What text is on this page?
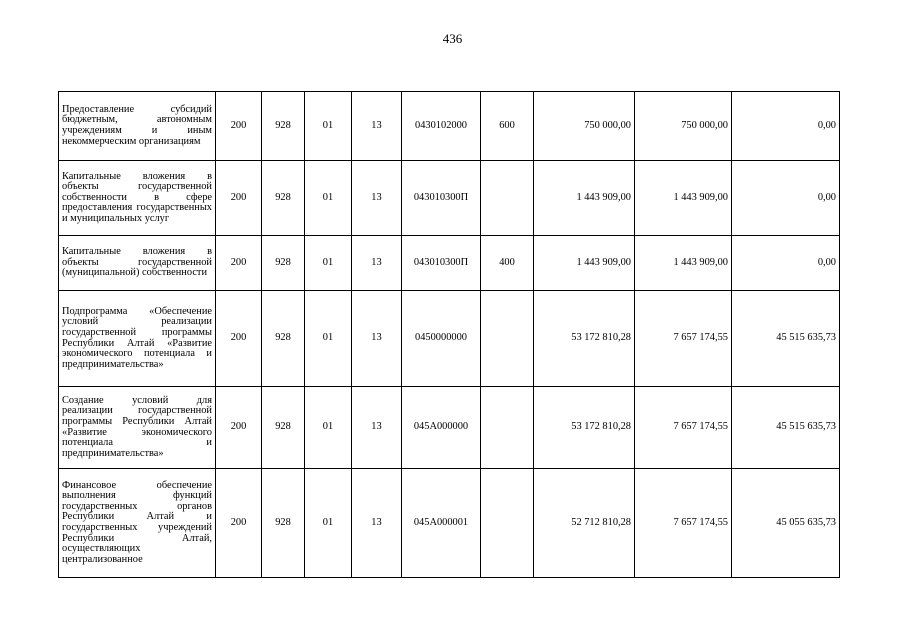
436
Предоставление субсидий бюджетным, автономным учреждениям и иным некоммерческим организациям	200	928	01	13	0430102000	600	750 000,00	750 000,00	0,00
Капитальные вложения в объекты государственной собственности в сфере предоставления государственных и муниципальных услуг	200	928	01	13	043010300П		1 443 909,00	1 443 909,00	0,00
Капитальные вложения в объекты государственной (муниципальной) собственности	200	928	01	13	043010300П	400	1 443 909,00	1 443 909,00	0,00
Подпрограмма «Обеспечение условий реализации государственной программы Республики Алтай «Развитие экономического потенциала и предпринимательства»	200	928	01	13	0450000000		53 172 810,28	7 657 174,55	45 515 635,73
Создание условий для реализации государственной программы Республики Алтай «Развитие экономического потенциала и предпринимательства»	200	928	01	13	045А000000		53 172 810,28	7 657 174,55	45 515 635,73
Финансовое обеспечение выполнения функций государственных органов Республики Алтай и государственных учреждений Республики Алтай, осуществляющих централизованное	200	928	01	13	045А000001		52 712 810,28	7 657 174,55	45 055 635,73
